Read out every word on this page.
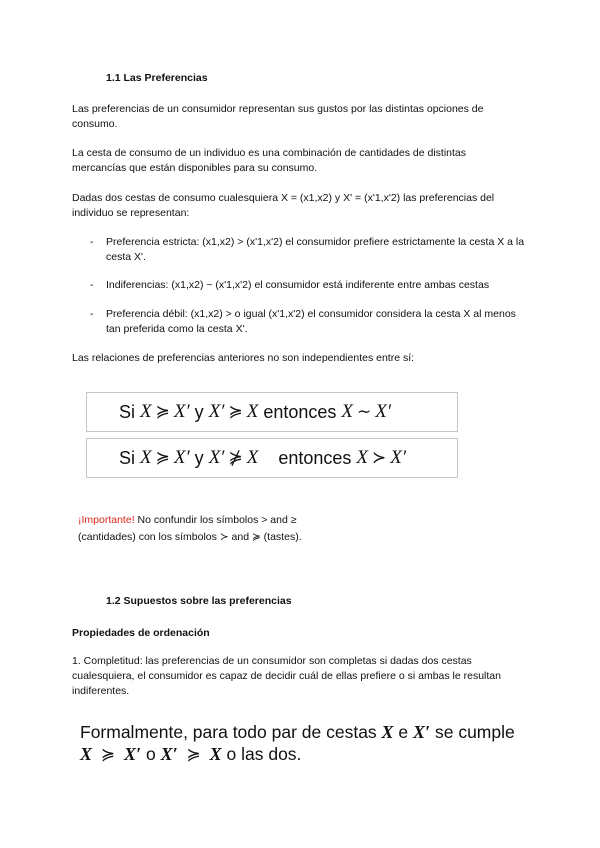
1.1 Las Preferencias
Las preferencias de un consumidor representan sus gustos por las distintas opciones de consumo.
La cesta de consumo de un individuo es una combinación de cantidades de distintas mercancías que están disponibles para su consumo.
Dadas dos cestas de consumo cualesquiera X = (x1,x2) y X' = (x'1,x'2) las preferencias del individuo se representan:
- Preferencia estricta: (x1,x2) > (x'1,x'2) el consumidor prefiere estrictamente la cesta X a la cesta X'.
- Indiferencias: (x1,x2) ~ (x'1,x'2) el consumidor está indiferente entre ambas cestas
- Preferencia débil: (x1,x2) > o igual (x'1,x'2) el consumidor considera la cesta X al menos tan preferida como la cesta X'.
Las relaciones de preferencias anteriores no son independientes entre sí:
Si
X ≽ X′
y
X′ ≽ X
entonces
X ∼ X′
Si
X ≽ X′
y
X′ ⋡ X entonces
X ≻ X′
¡Importante! No confundir los símbolos > and ≥
(cantidades) con los símbolos ≻ and ≽ (tastes).
1.2 Supuestos sobre las preferencias
Propiedades de ordenación
1. Completitud: las preferencias de un consumidor son completas si dadas dos cestas cualesquiera, el consumidor es capaz de decidir cuál de ellas prefiere o si ambas le resultan indiferentes.
Formalmente, para todo par de cestas X e X′ se cumple
X ≽ X′ o X′ ≽ X o las dos.
